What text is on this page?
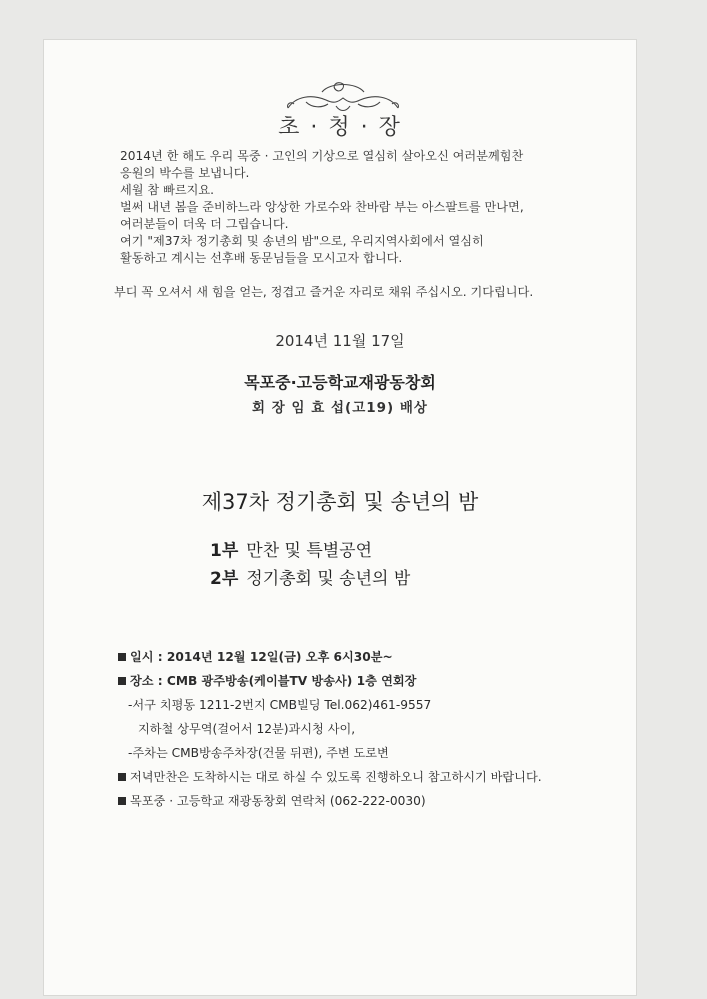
초 · 청 · 장
2014년 한 해도 우리 목중 · 고인의 기상으로 열심히 살아오신 여러분께힘찬
응원의 박수를 보냅니다.
세월 참 빠르지요.
벌써 내년 봄을 준비하느라 앙상한 가로수와 찬바람 부는 아스팔트를 만나면,
여러분들이 더욱 더 그립습니다.
여기 "제37차 정기총회 및 송년의 밤"으로, 우리지역사회에서 열심히
활동하고 계시는 선후배 동문님들을 모시고자 합니다.
부디 꼭 오셔서 새 힘을 얻는, 정겹고 즐거운 자리로 채워 주십시오. 기다립니다.
2014년 11월 17일
목포중·고등학교재광동창회
회 장 임 효 섭(고19) 배상
제37차 정기총회 및 송년의 밤
1부 만찬 및 특별공연
2부 정기총회 및 송년의 밤
일시 : 2014년 12월 12일(금) 오후 6시30분~
장소 : CMB 광주방송(케이블TV 방송사) 1층 연회장
-서구 치평동 1211-2번지 CMB빌딩 Tel.062)461-9557
지하철 상무역(걸어서 12분)과시청 사이,
-주차는 CMB방송주차장(건물 뒤편), 주변 도로변
저녁만찬은 도착하시는 대로 하실 수 있도록 진행하오니 참고하시기 바랍니다.
목포중 · 고등학교 재광동창회 연락처 (062-222-0030)
